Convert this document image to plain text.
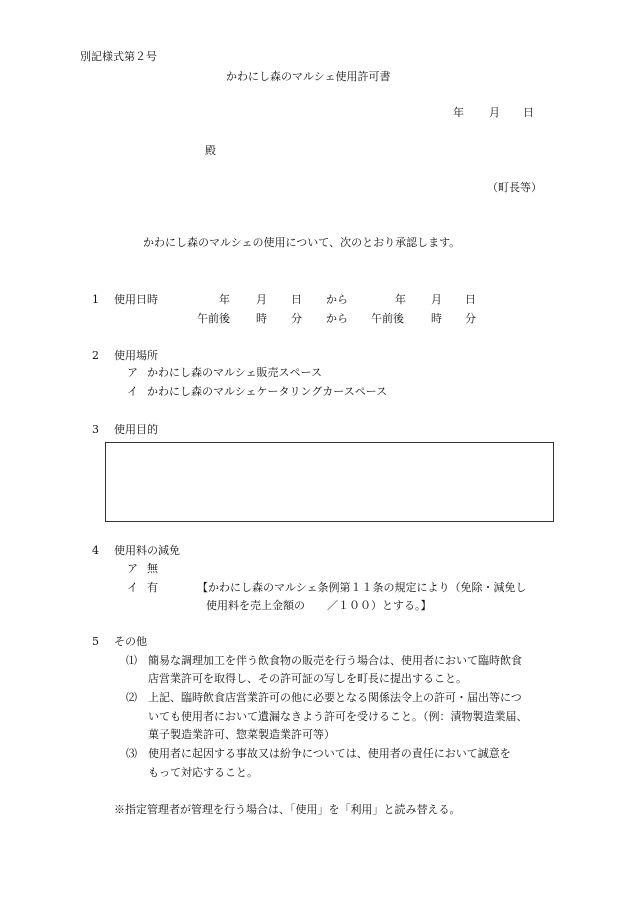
別記様式第２号
かわにし森のマルシェ使用許可書
年 月 日
殿
（町長等）
かわにし森のマルシェの使用について、次のとおり承認します。
1 使用日時	年 月 日 から	年 月 日
午前後 時 分 から 午前後 時 分
2 使用場所
ア かわにし森のマルシェ販売スペース
イ かわにし森のマルシェケータリングカースペース
3 使用目的
4 使用料の減免
ア 無
イ 有	【かわにし森のマルシェ条例第１１条の規定により（免除・減免し
使用料を売上金額の　　／１００）とする。】
5 その他
⑴ 簡易な調理加工を伴う飲食物の販売を行う場合は、使用者において臨時飲食
店営業許可を取得し、その許可証の写しを町長に提出すること。
⑵ 上記、臨時飲食店営業許可の他に必要となる関係法令上の許可・届出等につ
いても使用者において遺漏なきよう許可を受けること。（例：漬物製造業届、
菓子製造業許可、惣菜製造業許可等）
⑶ 使用者に起因する事故又は紛争については、使用者の責任において誠意を
もって対応すること。
※指定管理者が管理を行う場合は、「使用」を「利用」と読み替える。
